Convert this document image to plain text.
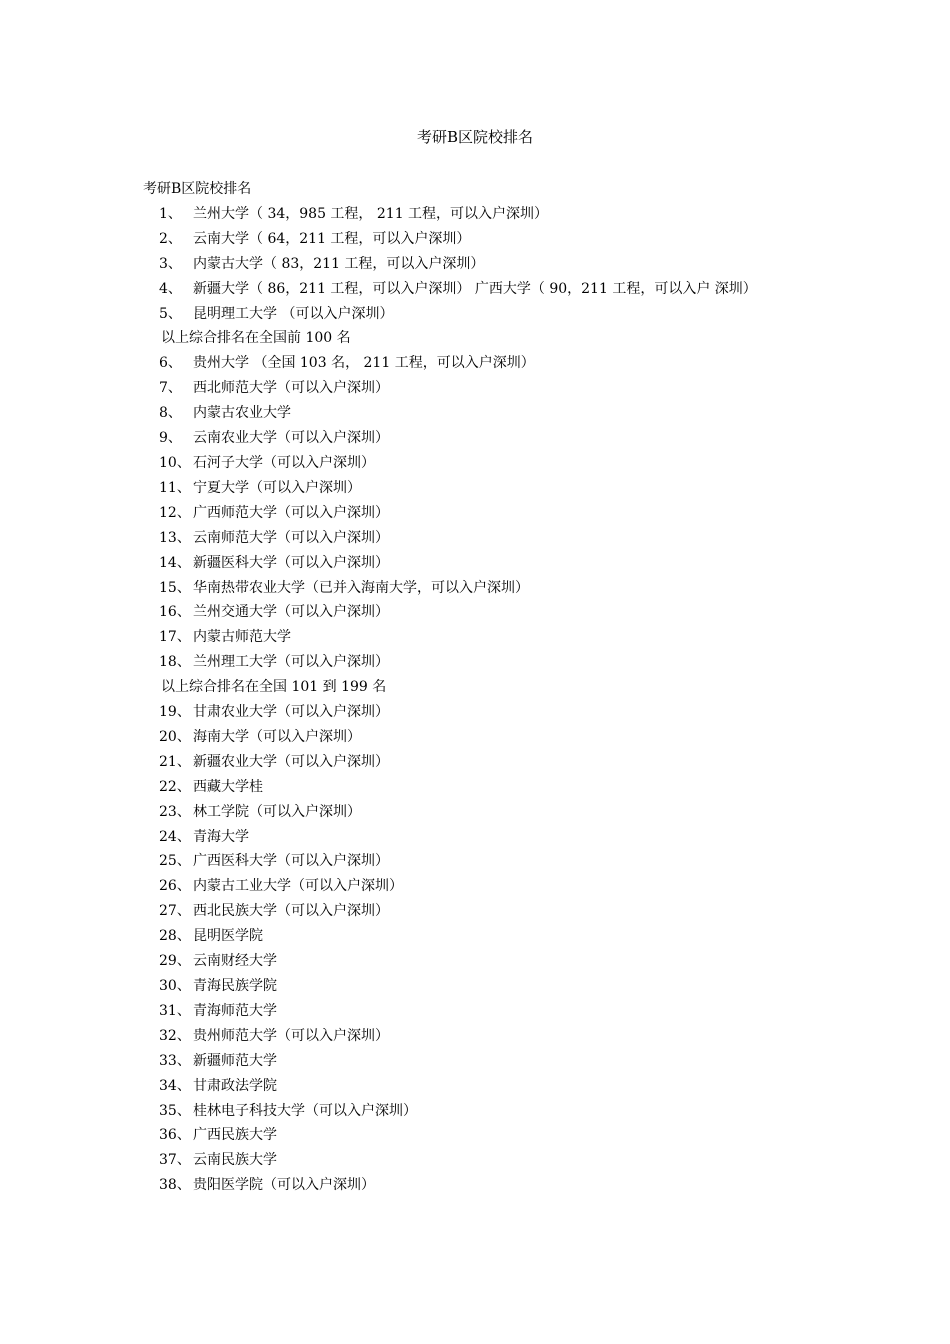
考研B区院校排名
考研B区院校排名
1、 兰州大学（ 34，985 工程， 211 工程，可以入户深圳）
2、 云南大学（ 64，211 工程，可以入户深圳）
3、 内蒙古大学（ 83，211 工程，可以入户深圳）
4、 新疆大学（ 86，211 工程，可以入户深圳） 广西大学（ 90，211 工程，可以入户 深圳）
5、 昆明理工大学 （可以入户深圳）
以上综合排名在全国前 100 名
6、 贵州大学 （全国 103 名， 211 工程，可以入户深圳）
7、 西北师范大学（可以入户深圳）
8、 内蒙古农业大学
9、 云南农业大学（可以入户深圳）
10、 石河子大学（可以入户深圳）
11、 宁夏大学（可以入户深圳）
12、 广西师范大学（可以入户深圳）
13、 云南师范大学（可以入户深圳）
14、 新疆医科大学（可以入户深圳）
15、 华南热带农业大学（已并入海南大学，可以入户深圳）
16、 兰州交通大学（可以入户深圳）
17、 内蒙古师范大学
18、 兰州理工大学（可以入户深圳）
以上综合排名在全国 101 到 199 名
19、 甘肃农业大学（可以入户深圳）
20、 海南大学（可以入户深圳）
21、 新疆农业大学（可以入户深圳）
22、 西藏大学桂
23、 林工学院（可以入户深圳）
24、 青海大学
25、 广西医科大学（可以入户深圳）
26、 内蒙古工业大学（可以入户深圳）
27、 西北民族大学（可以入户深圳）
28、 昆明医学院
29、 云南财经大学
30、 青海民族学院
31、 青海师范大学
32、 贵州师范大学（可以入户深圳）
33、 新疆师范大学
34、 甘肃政法学院
35、 桂林电子科技大学（可以入户深圳）
36、 广西民族大学
37、 云南民族大学
38、 贵阳医学院（可以入户深圳）
